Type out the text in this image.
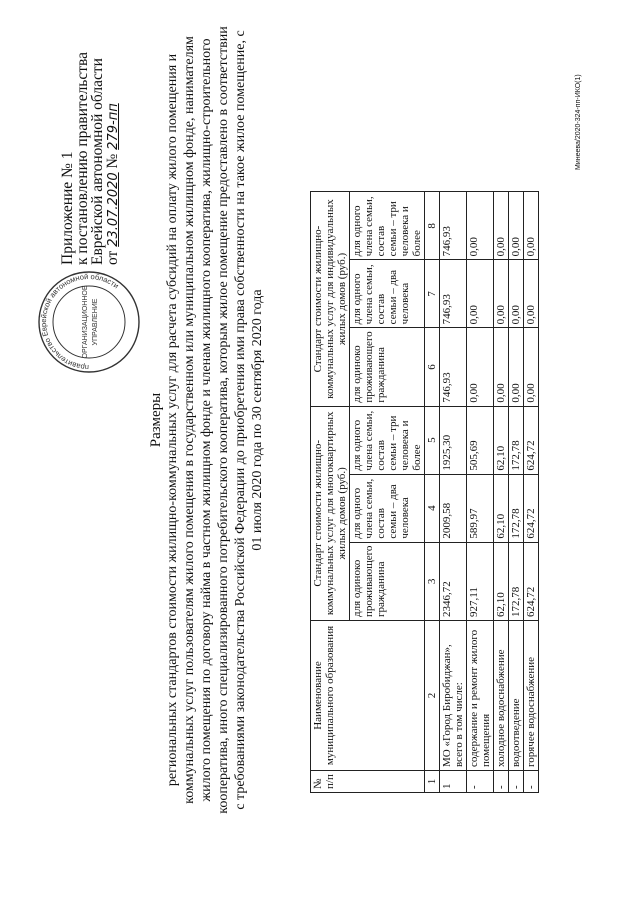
правительство Еврейской автономной области
ОРГАНИЗАЦИОННОЕ УПРАВЛЕНИЕ
Приложение № 1
к постановлению правительства
Еврейской автономной области
от 23.07.2020 № 279-пп
Размеры региональных стандартов стоимости жилищно-коммунальных услуг для расчета субсидий на оплату жилого помещения и коммунальных услуг пользователям жилого помещения в государственном или муниципальном жилищном фонде, нанимателям жилого помещения по договору найма в частном жилищном фонде и членам жилищного кооператива, жилищно-строительного кооператива, иного специализированного потребительского кооператива, которым жилое помещение предоставлено в соответствии с требованиями законодательства Российской Федерации до приобретения ими права собственности на такое жилое помещение, с 01 июля 2020 года по 30 сентября 2020 года
№ п/п	Наименование муниципального образования	Стандарт стоимости жилищно-коммунальных услуг для многоквартирных жилых домов (руб.)			Стандарт стоимости жилищно-коммунальных услуг для индивидуальных жилых домов (руб.)		
		для одиноко проживающего гражданина	для одного члена семьи, состав семьи – два человека	для одного члена семьи, состав семьи – три человека и более	для одиноко проживающего гражданина	для одного члена семьи, состав семьи – два человека	для одного члена семьи, состав семьи – три человека и более
1	2	3	4	5	6	7	8
1	МО «Город Биробиджан», всего в том числе:	2346,72	2009,58	1925,30	746,93	746,93	746,93
-	содержание и ремонт жилого помещения	927,11	589,97	505,69	0,00	0,00	0,00
-	холодное водоснабжение	62,10	62,10	62,10	0,00	0,00	0,00
-	водоотведение	172,78	172,78	172,78	0,00	0,00	0,00
-	горячее водоснабжение	624,72	624,72	624,72	0,00	0,00	0,00
Минеева/2020-324-пп-ИКО(1)
